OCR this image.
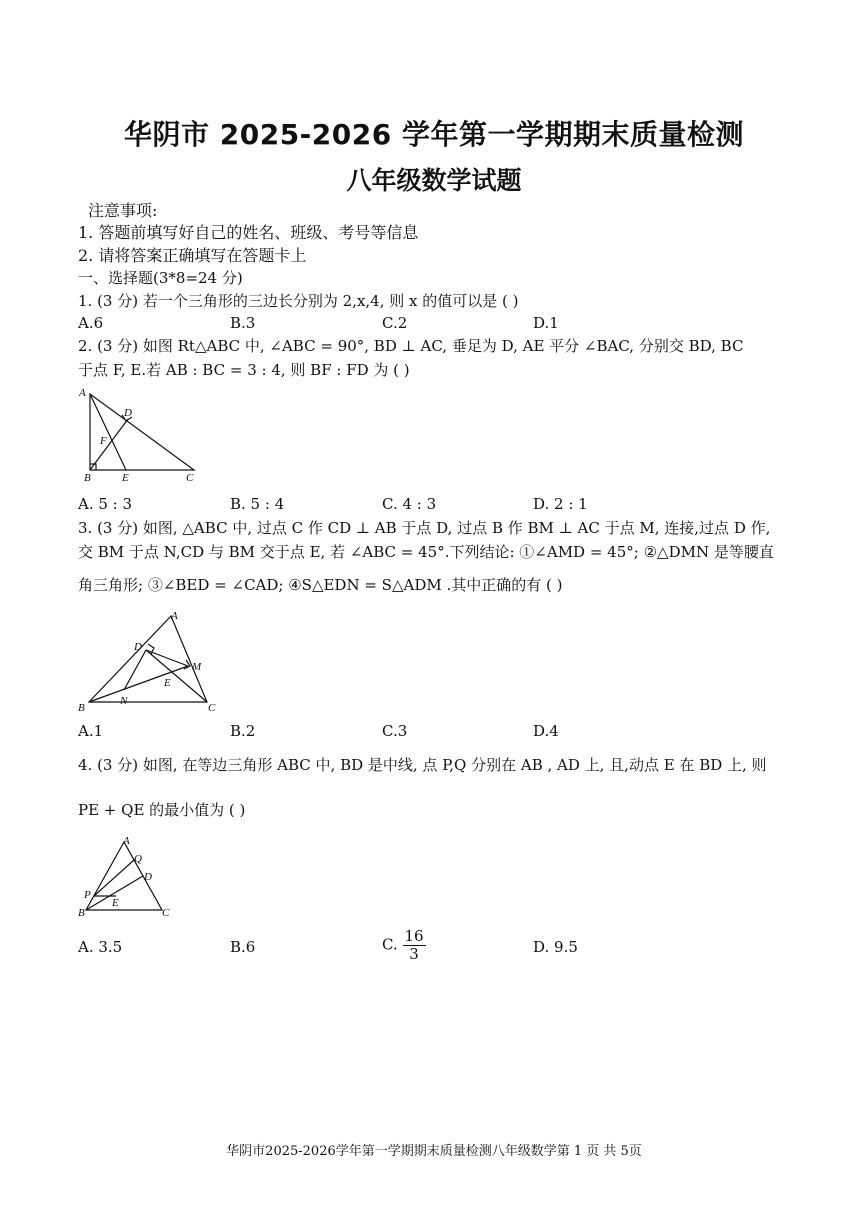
华阴市 2025-2026 学年第一学期期末质量检测
八年级数学试题
注意事项:
1. 答题前填写好自己的姓名、班级、考号等信息
2. 请将答案正确填写在答题卡上
一、选择题(3*8=24 分)
1. (3 分) 若一个三角形的三边长分别为 2,x,4, 则 x 的值可以是 ( )
A.6	B.3	C.2	D.1
2. (3 分) 如图 Rt△ABC 中, ∠ABC = 90°, BD ⊥ AC, 垂足为 D, AE 平分 ∠BAC, 分别交 BD, BC
于点 F, E.若 AB : BC = 3 : 4, 则 BF : FD 为 ( )
A
D
F
B	E	C
A. 5 : 3	B. 5 : 4	C. 4 : 3	D. 2 : 1
3. (3 分) 如图, △ABC 中, 过点 C 作 CD ⊥ AB 于点 D, 过点 B 作 BM ⊥ AC 于点 M, 连接,过点 D 作,
交 BM 于点 N,CD 与 BM 交于点 E, 若 ∠ABC = 45°.下列结论: ①∠AMD = 45°; ②△DMN 是等腰直
角三角形; ③∠BED = ∠CAD; ④S△EDN = S△ADM .其中正确的有 ( )
A
D
M
E
B
N
C
A.1	B.2	C.3	D.4
4. (3 分) 如图, 在等边三角形 ABC 中, BD 是中线, 点 P,Q 分别在 AB , AD 上, 且,动点 E 在 BD 上, 则
PE + QE 的最小值为 ( )
A
Q
D
P
E
B	C
A. 3.5	B.6	C. $\frac{16}{3}$	D. 9.5
华阴市2025-2026学年第一学期期末质量检测八年级数学第 1 页 共 5页
